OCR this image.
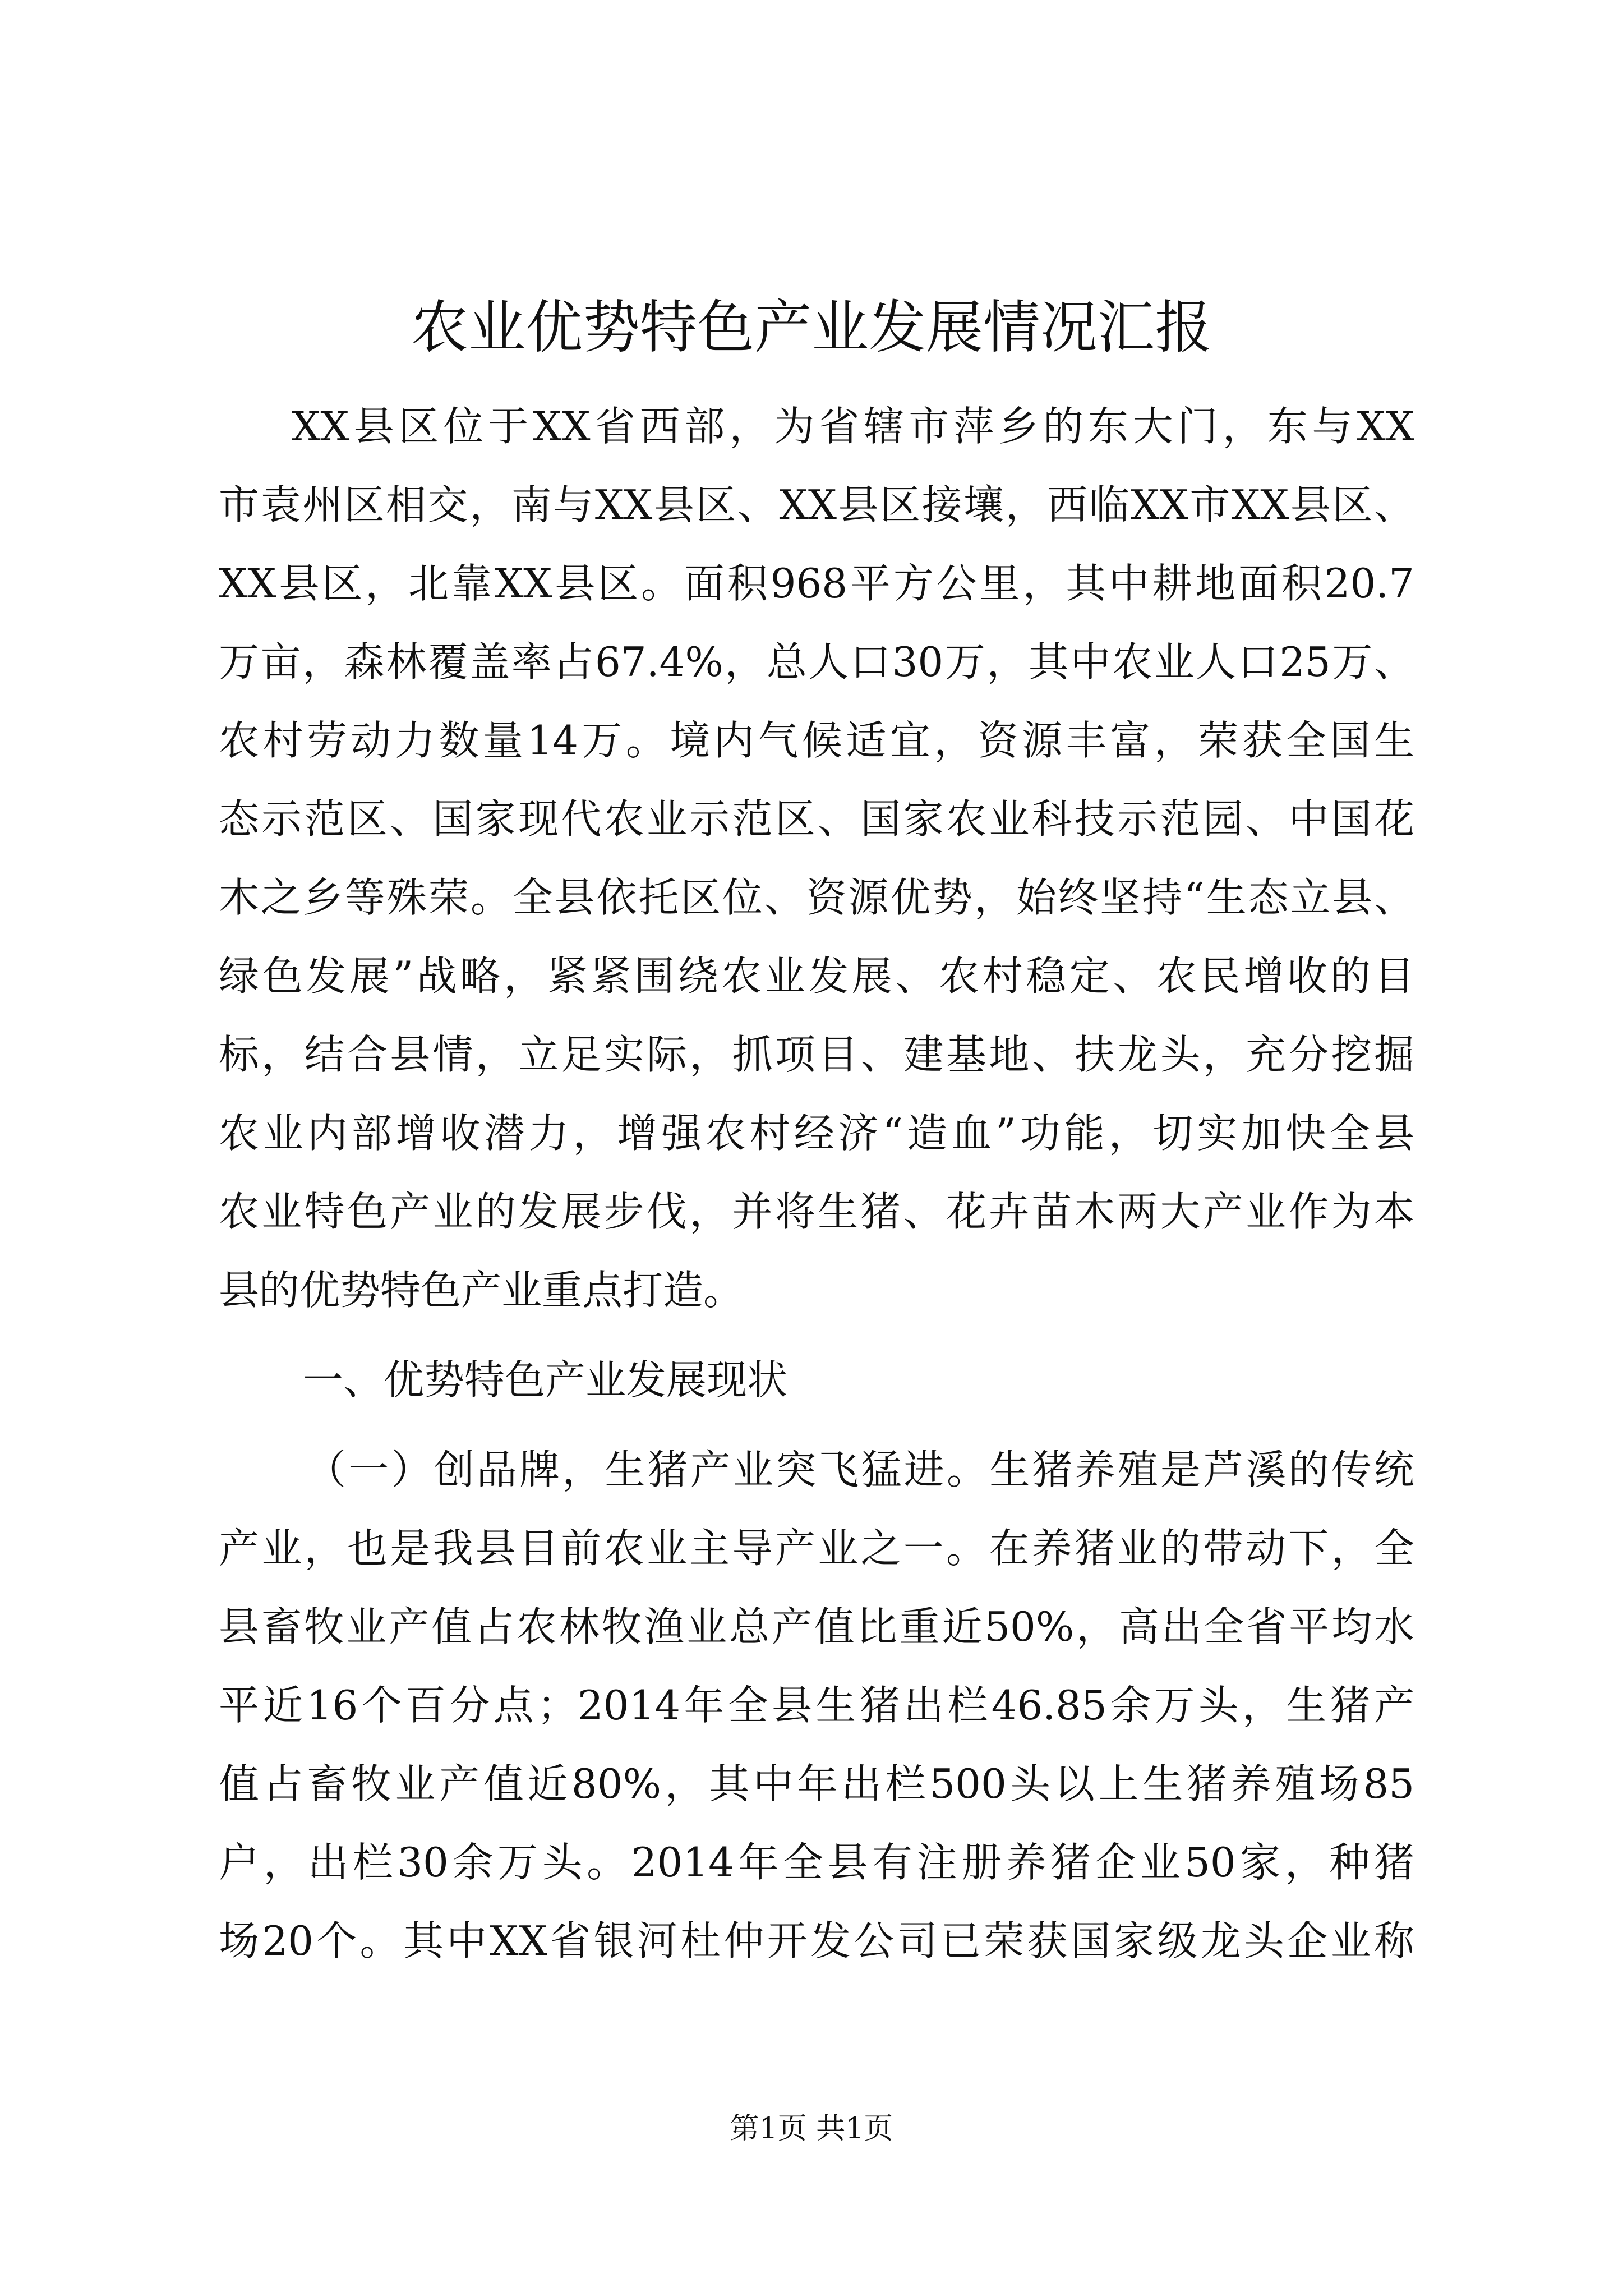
农业优势特色产业发展情况汇报

XX县区位于XX省西部，为省辖市萍乡的东大门，东与XX

市袁州区相交，南与XX县区、XX县区接壤，西临XX市XX县区、

XX县区，北靠XX县区。面积968平方公里，其中耕地面积20.7

万亩，森林覆盖率占67.4%，总人口30万，其中农业人口25万、

农村劳动力数量14万。境内气候适宜，资源丰富，荣获全国生

态示范区、国家现代农业示范区、国家农业科技示范园、中国花

木之乡等殊荣。全县依托区位、资源优势，始终坚持“生态立县、

绿色发展”战略，紧紧围绕农业发展、农村稳定、农民增收的目

标，结合县情，立足实际，抓项目、建基地、扶龙头，充分挖掘

农业内部增收潜力，增强农村经济“造血”功能，切实加快全县

农业特色产业的发展步伐，并将生猪、花卉苗木两大产业作为本

县的优势特色产业重点打造。

一、优势特色产业发展现状

（一）创品牌，生猪产业突飞猛进。生猪养殖是芦溪的传统

产业，也是我县目前农业主导产业之一。在养猪业的带动下，全

县畜牧业产值占农林牧渔业总产值比重近50%，高出全省平均水

平近16个百分点；2014年全县生猪出栏46.85余万头，生猪产

值占畜牧业产值近80%，其中年出栏500头以上生猪养殖场85

户，出栏30余万头。2014年全县有注册养猪企业50家，种猪

场20个。其中XX省银河杜仲开发公司已荣获国家级龙头企业称

第1页 共1页
